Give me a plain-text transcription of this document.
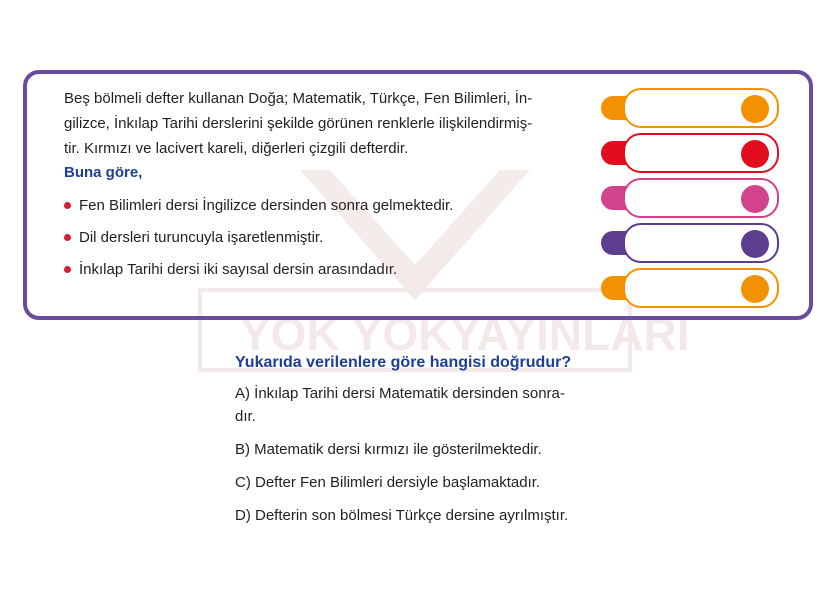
YOK YOK
YAYINLARI

Beş bölmeli defter kullanan Doğa; Matematik, Türkçe, Fen Bilimleri, İn-
gilizce, İnkılap Tarihi derslerini şekilde görünen renklerle ilişkilendirmiş-
tir. Kırmızı ve lacivert kareli, diğerleri çizgili defterdir.

Buna göre,

Fen Bilimleri dersi İngilizce dersinden sonra gelmektedir.
Dil dersleri turuncuyla işaretlenmiştir.
İnkılap Tarihi dersi iki sayısal dersin arasındadır.

Yukarıda verilenlere göre hangisi doğrudur?

A) İnkılap Tarihi dersi Matematik dersinden sonra-
dır.
B) Matematik dersi kırmızı ile gösterilmektedir.
C) Defter Fen Bilimleri dersiyle başlamaktadır.
D) Defterin son bölmesi Türkçe dersine ayrılmıştır.
